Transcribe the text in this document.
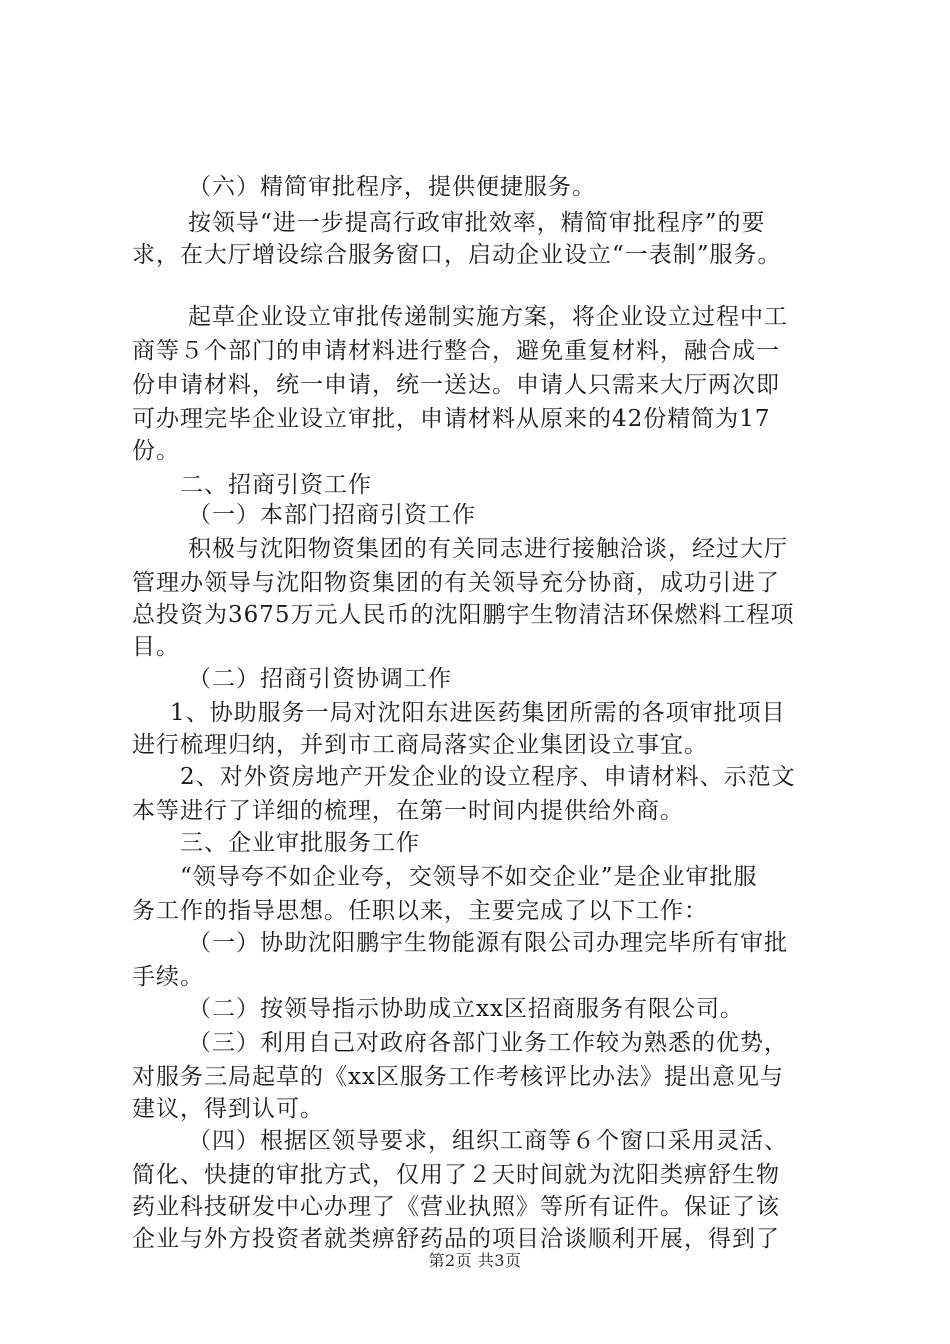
（六）精简审批程序，提供便捷服务。
按领导“进一步提高行政审批效率，精简审批程序”的要
求，在大厅增设综合服务窗口，启动企业设立“一表制”服务。
起草企业设立审批传递制实施方案，将企业设立过程中工
商等５个部门的申请材料进行整合，避免重复材料，融合成一
份申请材料，统一申请，统一送达。申请人只需来大厅两次即
可办理完毕企业设立审批，申请材料从原来的42份精简为17
份。
二、招商引资工作
（一）本部门招商引资工作
积极与沈阳物资集团的有关同志进行接触洽谈，经过大厅
管理办领导与沈阳物资集团的有关领导充分协商，成功引进了
总投资为3675万元人民币的沈阳鹏宇生物清洁环保燃料工程项
目。
（二）招商引资协调工作
1、协助服务一局对沈阳东进医药集团所需的各项审批项目
进行梳理归纳，并到市工商局落实企业集团设立事宜。
2、对外资房地产开发企业的设立程序、申请材料、示范文
本等进行了详细的梳理，在第一时间内提供给外商。
三、企业审批服务工作
“领导夸不如企业夸，交领导不如交企业”是企业审批服
务工作的指导思想。任职以来，主要完成了以下工作：
（一）协助沈阳鹏宇生物能源有限公司办理完毕所有审批
手续。
（二）按领导指示协助成立xx区招商服务有限公司。
（三）利用自己对政府各部门业务工作较为熟悉的优势，
对服务三局起草的《xx区服务工作考核评比办法》提出意见与
建议，得到认可。
（四）根据区领导要求，组织工商等６个窗口采用灵活、
简化、快捷的审批方式，仅用了２天时间就为沈阳类痹舒生物
药业科技研发中心办理了《营业执照》等所有证件。保证了该
企业与外方投资者就类痹舒药品的项目洽谈顺利开展，得到了
第2页 共3页
